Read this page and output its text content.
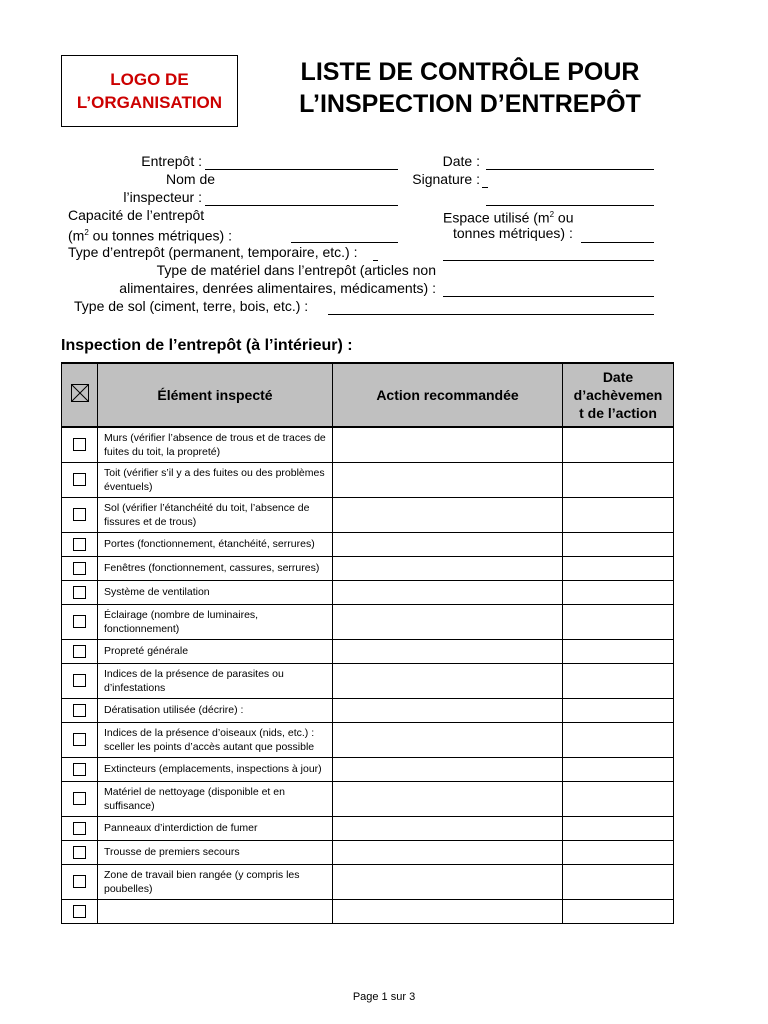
LOGO DE
L’ORGANISATION
LISTE DE CONTRÔLE POUR
L’INSPECTION D’ENTREPÔT
Entrepôt :	Date :
Nom de
l’inspecteur :
Signature :
Capacité de l’entrepôt
($m^2$ ou tonnes métriques) :
Espace utilisé ($m^2$ ou
tonnes métriques) :
Type d’entrepôt (permanent, temporaire, etc.) :
Type de matériel dans l’entrepôt (articles non
alimentaires, denrées alimentaires, médicaments) :
Type de sol (ciment, terre, bois, etc.) :
Inspection de l’entrepôt (à l’intérieur) :
	Élément inspecté	Action recommandée	Date
d’achèvemen
t de l’action

	Murs (vérifier l’absence de trous et de traces de fuites du toit, la propreté)		
	Toit (vérifier s’il y a des fuites ou des problèmes éventuels)		
	Sol (vérifier l’étanchéité du toit, l’absence de fissures et de trous)		
	Portes (fonctionnement, étanchéité, serrures)		
	Fenêtres (fonctionnement, cassures, serrures)		
	Système de ventilation		
	Éclairage (nombre de luminaires, fonctionnement)		
	Propreté générale		
	Indices de la présence de parasites ou d’infestations		
	Dératisation utilisée (décrire) :		
	Indices de la présence d’oiseaux (nids, etc.) : sceller les points d’accès autant que possible		
	Extincteurs (emplacements, inspections à jour)		
	Matériel de nettoyage (disponible et en suffisance)		
	Panneaux d’interdiction de fumer		
	Trousse de premiers secours		
	Zone de travail bien rangée (y compris les poubelles)		

Page 1 sur 3
